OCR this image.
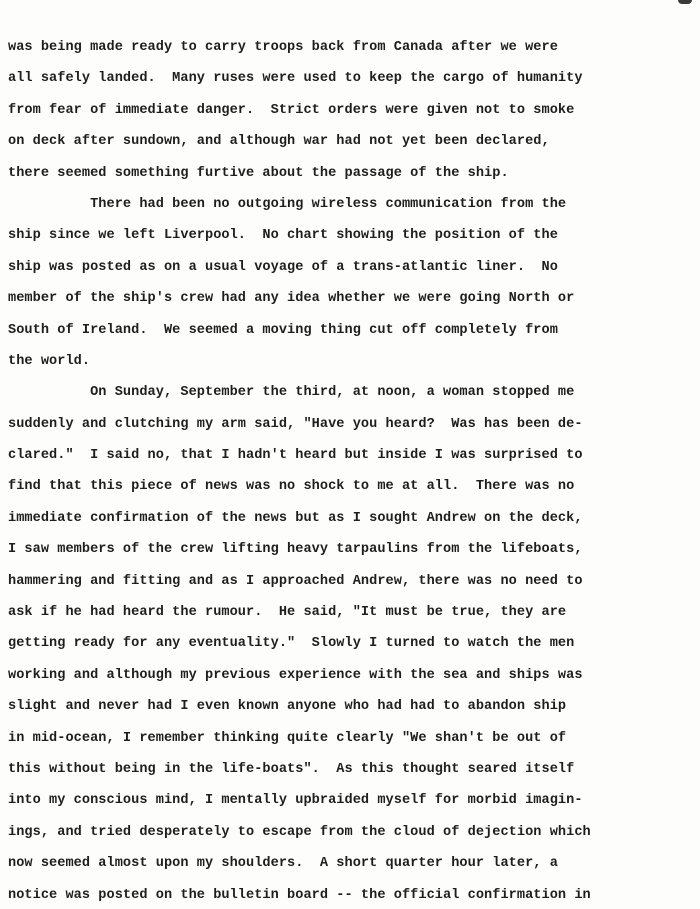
was being made ready to carry troops back from Canada after we were
all safely landed.  Many ruses were used to keep the cargo of humanity
from fear of immediate danger.  Strict orders were given not to smoke
on deck after sundown, and although war had not yet been declared,
there seemed something furtive about the passage of the ship.
There had been no outgoing wireless communication from the
ship since we left Liverpool.  No chart showing the position of the
ship was posted as on a usual voyage of a trans-atlantic liner.  No
member of the ship's crew had any idea whether we were going North or
South of Ireland.  We seemed a moving thing cut off completely from
the world.
On Sunday, September the third, at noon, a woman stopped me
suddenly and clutching my arm said, "Have you heard?  Was has been de-
clared."  I said no, that I hadn't heard but inside I was surprised to
find that this piece of news was no shock to me at all.  There was no
immediate confirmation of the news but as I sought Andrew on the deck,
I saw members of the crew lifting heavy tarpaulins from the lifeboats,
hammering and fitting and as I approached Andrew, there was no need to
ask if he had heard the rumour.  He said, "It must be true, they are
getting ready for any eventuality."  Slowly I turned to watch the men
working and although my previous experience with the sea and ships was
slight and never had I even known anyone who had had to abandon ship
in mid-ocean, I remember thinking quite clearly "We shan't be out of
this without being in the life-boats".  As this thought seared itself
into my conscious mind, I mentally upbraided myself for morbid imagin-
ings, and tried desperately to escape from the cloud of dejection which
now seemed almost upon my shoulders.  A short quarter hour later, a
notice was posted on the bulletin board -- the official confirmation in
